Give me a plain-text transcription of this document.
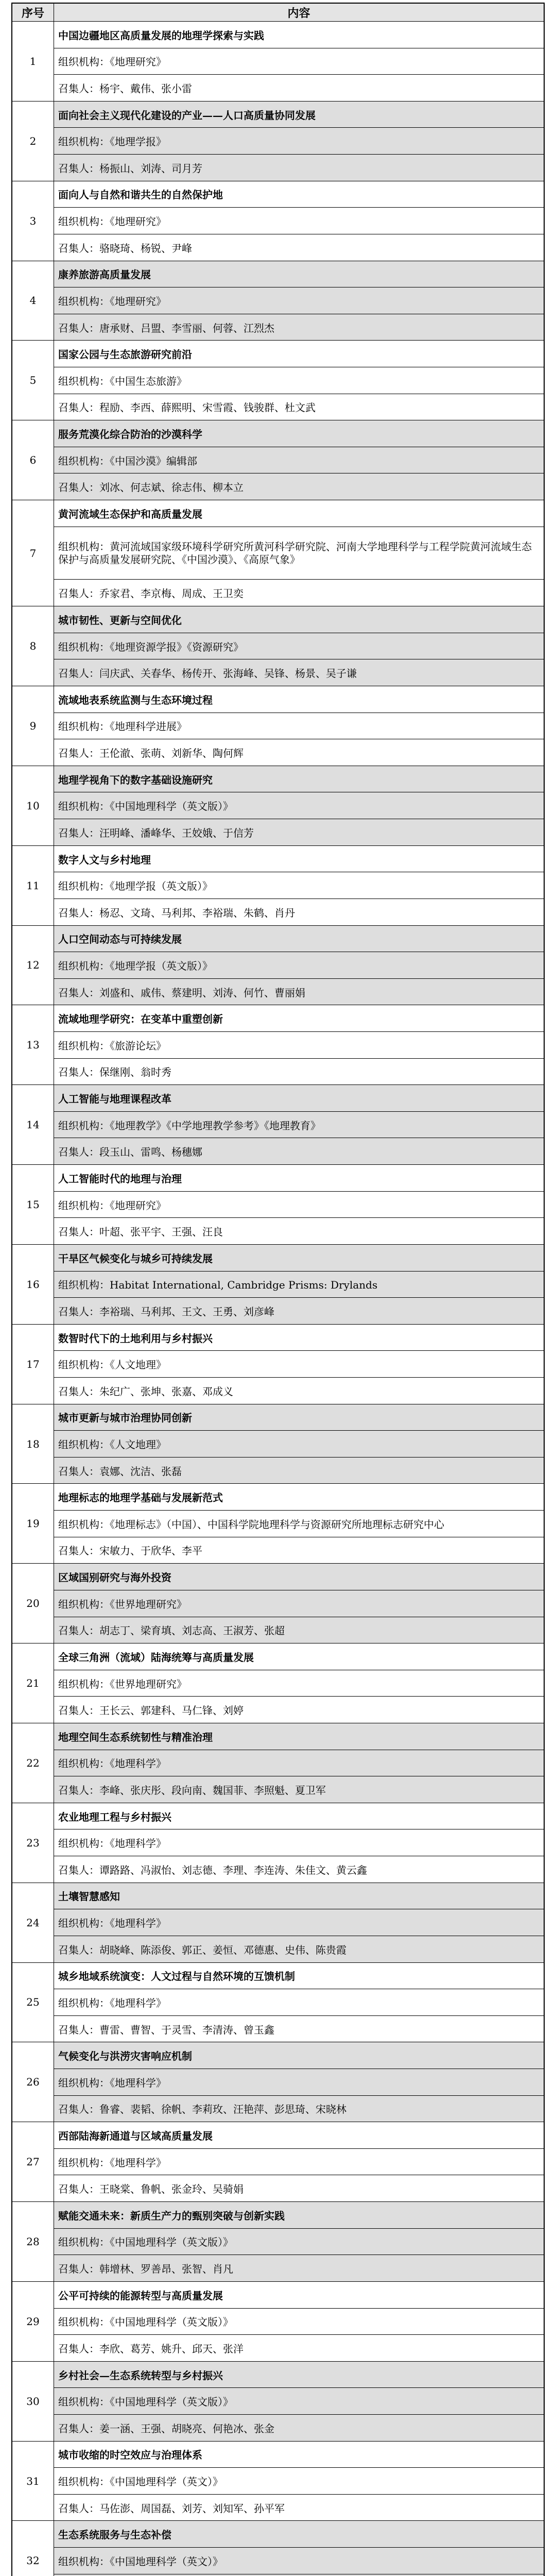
序号	内容
1
中国边疆地区高质量发展的地理学探索与实践
组织机构：《地理研究》
召集人：杨宇、戴伟、张小雷
2
面向社会主义现代化建设的产业——人口高质量协同发展
组织机构：《地理学报》
召集人：杨振山、刘涛、司月芳
3
面向人与自然和谐共生的自然保护地
组织机构：《地理研究》
召集人：骆晓琦、杨锐、尹峰
4
康养旅游高质量发展
组织机构：《地理研究》
召集人：唐承财、吕盟、李雪丽、何蓉、江烈杰
5
国家公园与生态旅游研究前沿
组织机构：《中国生态旅游》
召集人：程励、李西、薛熙明、宋雪霞、钱骏群、杜文武
6
服务荒漠化综合防治的沙漠科学
组织机构：《中国沙漠》编辑部
召集人：刘冰、何志斌、徐志伟、柳本立
7
黄河流域生态保护和高质量发展
组织机构：黄河流域国家级环境科学研究所黄河科学研究院、河南大学地理科学与工程学院黄河流域生态保护与高质量发展研究院、《中国沙漠》、《高原气象》
召集人：乔家君、李京梅、周成、王卫奕
8
城市韧性、更新与空间优化
组织机构：《地理资源学报》《资源研究》
召集人：闫庆武、关春华、杨传开、张海峰、吴锋、杨景、吴子谦
9
流域地表系统监测与生态环境过程
组织机构：《地理科学进展》
召集人：王伦澈、张萌、刘新华、陶何辉
10
地理学视角下的数字基础设施研究
组织机构：《中国地理科学（英文版）》
召集人：汪明峰、潘峰华、王姣娥、于信芳
11
数字人文与乡村地理
组织机构：《地理学报（英文版）》
召集人：杨忍、文琦、马利邦、李裕瑞、朱鹤、肖丹
12
人口空间动态与可持续发展
组织机构：《地理学报（英文版）》
召集人：刘盛和、戚伟、蔡建明、刘涛、何竹、曹丽娟
13
流域地理学研究：在变革中重塑创新
组织机构：《旅游论坛》
召集人：保继刚、翁时秀
14
人工智能与地理课程改革
组织机构：《地理教学》《中学地理教学参考》《地理教育》
召集人：段玉山、雷鸣、杨穗娜
15
人工智能时代的地理与治理
组织机构：《地理研究》
召集人：叶超、张平宇、王强、汪良
16
干旱区气候变化与城乡可持续发展
组织机构：Habitat International, Cambridge Prisms: Drylands
召集人：李裕瑞、马利邦、王文、王勇、刘彦峰
17
数智时代下的土地利用与乡村振兴
组织机构：《人文地理》
召集人：朱纪广、张坤、张嘉、邓成义
18
城市更新与城市治理协同创新
组织机构：《人文地理》
召集人：袁娜、沈洁、张磊
19
地理标志的地理学基础与发展新范式
组织机构：《地理标志》（中国）、中国科学院地理科学与资源研究所地理标志研究中心
召集人：宋敏力、于欣华、李平
20
区域国别研究与海外投资
组织机构：《世界地理研究》
召集人：胡志丁、梁育填、刘志高、王淑芳、张超
21
全球三角洲（流域）陆海统筹与高质量发展
组织机构：《世界地理研究》
召集人：王长云、郭建科、马仁锋、刘婷
22
地理空间生态系统韧性与精准治理
组织机构：《地理科学》
召集人：李峰、张庆彤、段向南、魏国菲、李照魁、夏卫军
23
农业地理工程与乡村振兴
组织机构：《地理科学》
召集人：谭路路、冯淑怡、刘志德、李理、李连涛、朱佳文、黄云鑫
24
土壤智慧感知
组织机构：《地理科学》
召集人：胡晓峰、陈添俊、郭正、姜恒、邓德惠、史伟、陈贵霞
25
城乡地域系统演变：人文过程与自然环境的互馈机制
组织机构：《地理科学》
召集人：曹雷、曹智、于灵雪、李清涛、曾玉鑫
26
气候变化与洪涝灾害响应机制
组织机构：《地理科学》
召集人：鲁睿、裴韬、徐帆、李莉玫、汪艳萍、彭思琦、宋晓林
27
西部陆海新通道与区域高质量发展
组织机构：《地理科学》
召集人：王晓棠、鲁帆、张金玲、吴骑娟
28
赋能交通未来：新质生产力的甄别突破与创新实践
组织机构：《中国地理科学（英文版）》
召集人：韩增林、罗善昂、张智、肖凡
29
公平可持续的能源转型与高质量发展
组织机构：《中国地理科学（英文版）》
召集人：李欣、葛芳、姚升、邱天、张洋
30
乡村社会—生态系统转型与乡村振兴
组织机构：《中国地理科学（英文版）》
召集人：姜一涵、王强、胡晓亮、何艳冰、张金
31
城市收缩的时空效应与治理体系
组织机构：《中国地理科学（英文）》
召集人：马佐澎、周国磊、刘芳、刘知军、孙平军
32
生态系统服务与生态补偿
组织机构：《中国地理科学（英文）》
